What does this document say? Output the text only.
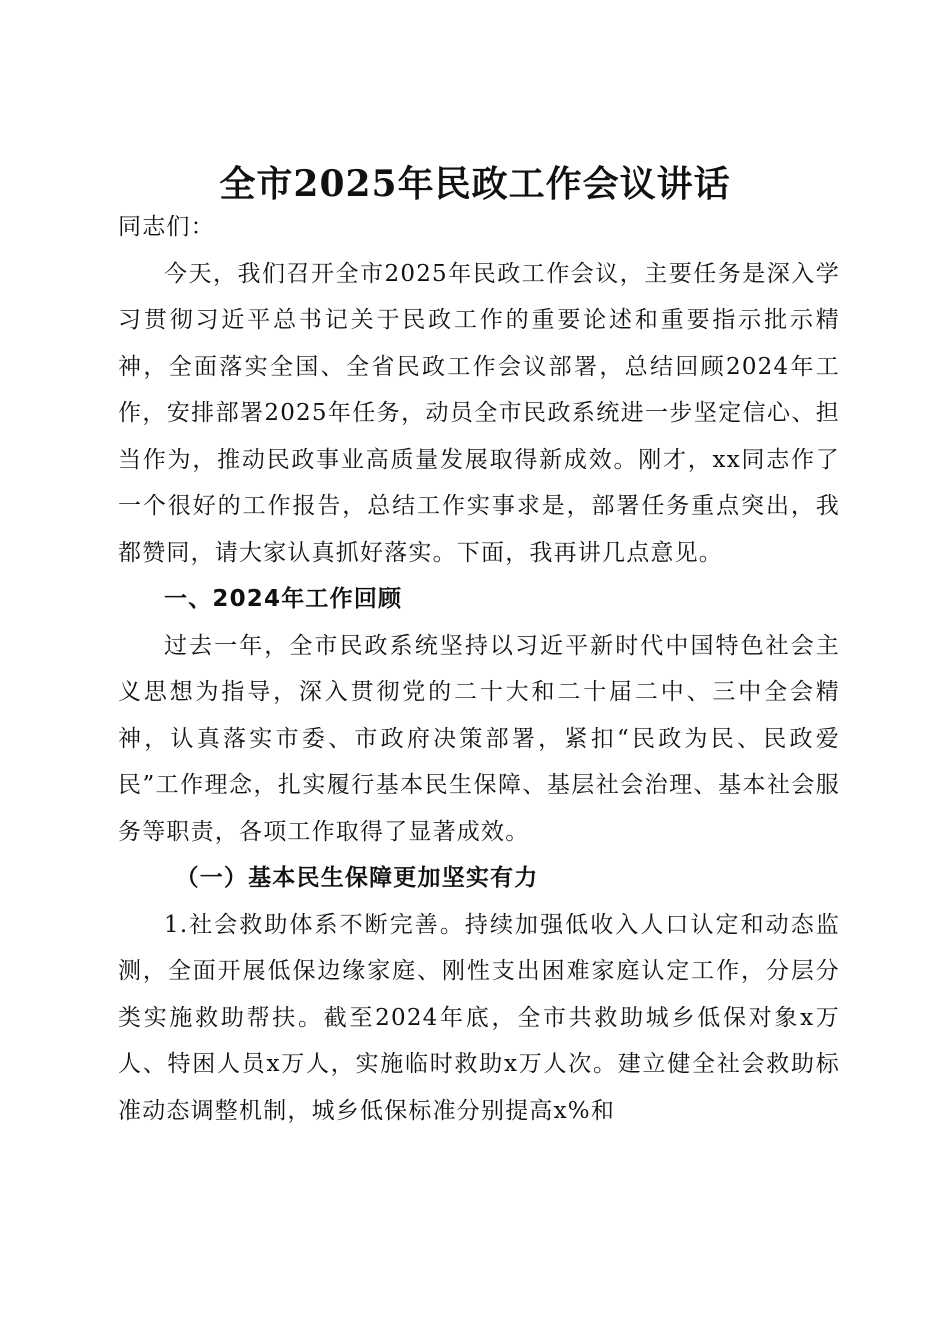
全市2025年民政工作会议讲话

同志们：

今天，我们召开全市2025年民政工作会议，主要任务是深入学习贯彻习近平总书记关于民政工作的重要论述和重要指示批示精神，全面落实全国、全省民政工作会议部署，总结回顾2024年工作，安排部署2025年任务，动员全市民政系统进一步坚定信心、担当作为，推动民政事业高质量发展取得新成效。刚才，xx同志作了一个很好的工作报告，总结工作实事求是，部署任务重点突出，我都赞同，请大家认真抓好落实。下面，我再讲几点意见。

一、2024年工作回顾

过去一年，全市民政系统坚持以习近平新时代中国特色社会主义思想为指导，深入贯彻党的二十大和二十届二中、三中全会精神，认真落实市委、市政府决策部署，紧扣“民政为民、民政爱民”工作理念，扎实履行基本民生保障、基层社会治理、基本社会服务等职责，各项工作取得了显著成效。

（一）基本民生保障更加坚实有力

1.社会救助体系不断完善。持续加强低收入人口认定和动态监测，全面开展低保边缘家庭、刚性支出困难家庭认定工作，分层分类实施救助帮扶。截至2024年底，全市共救助城乡低保对象x万人、特困人员x万人，实施临时救助x万人次。建立健全社会救助标准动态调整机制，城乡低保标准分别提高x%和
